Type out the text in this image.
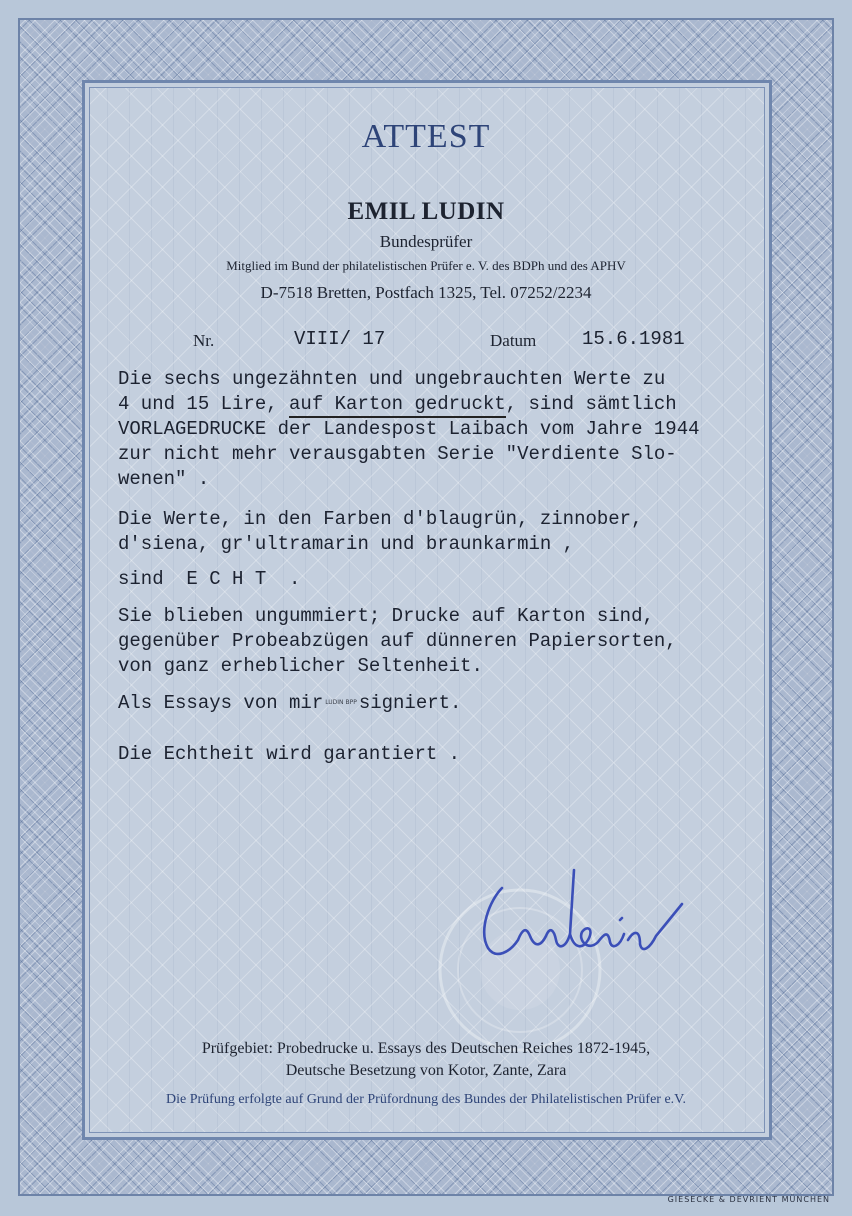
ATTEST
EMIL LUDIN
Bundesprüfer
Mitglied im Bund der philatelistischen Prüfer e. V. des BDPh und des APHV
D-7518 Bretten, Postfach 1325, Tel. 07252/2234
Nr.	VIII/ 17	Datum 15.6.1981
Die sechs ungezähnten und ungebrauchten Werte zu
4 und 15 Lire, auf Karton gedruckt, sind sämtlich
VORLAGEDRUCKE der Landespost Laibach vom Jahre 1944
zur nicht mehr verausgabten Serie "Verdiente Slo-
wenen" .
Die Werte, in den Farben d'blaugrün, zinnober,
d'siena, gr'ultramarin und braunkarmin ,
sind  E C H T  .
Sie blieben ungummiert; Drucke auf Karton sind,
gegenüber Probeabzügen auf dünneren Papiersorten,
von ganz erheblicher Seltenheit.
Als Essays von mir LUDIN BPP signiert.
Die Echtheit wird garantiert .
Prüfgebiet: Probedrucke u. Essays des Deutschen Reiches 1872-1945,
Deutsche Besetzung von Kotor, Zante, Zara
Die Prüfung erfolgte auf Grund der Prüfordnung des Bundes der Philatelistischen Prüfer e.V.
GIESECKE & DEVRIENT MÜNCHEN
